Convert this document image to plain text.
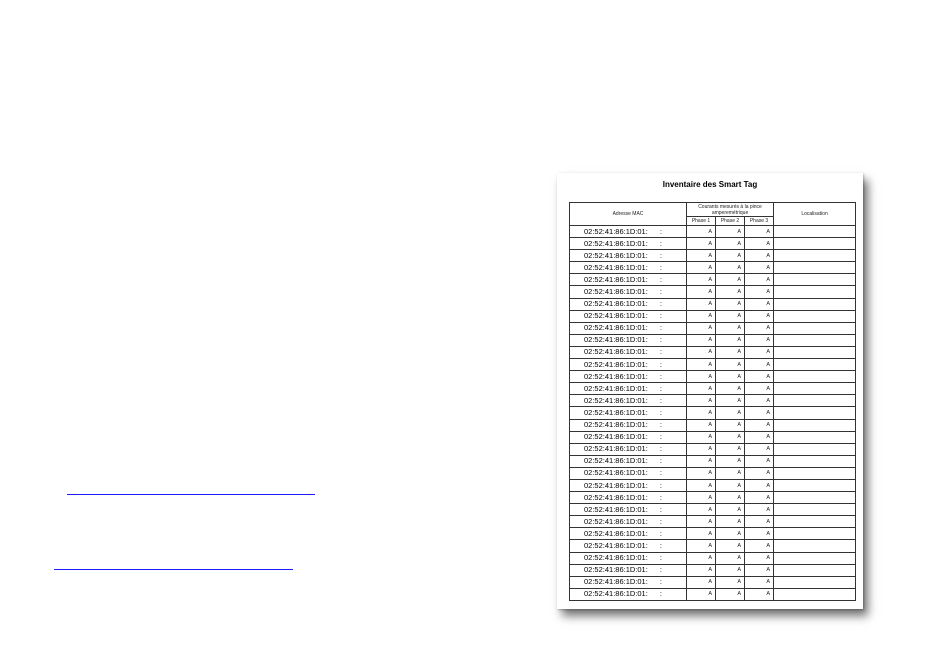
Inventaire des Smart Tag
Adresse MAC	Courants mesurés à la pince amperemétrique			Localisation
	Phase 1	Phase 2	Phase 3	
02:52:41:86:1D:01: :	A	A	A	
02:52:41:86:1D:01: :	A	A	A	
02:52:41:86:1D:01: :	A	A	A	
02:52:41:86:1D:01: :	A	A	A	
02:52:41:86:1D:01: :	A	A	A	
02:52:41:86:1D:01: :	A	A	A	
02:52:41:86:1D:01: :	A	A	A	
02:52:41:86:1D:01: :	A	A	A	
02:52:41:86:1D:01: :	A	A	A	
02:52:41:86:1D:01: :	A	A	A	
02:52:41:86:1D:01: :	A	A	A	
02:52:41:86:1D:01: :	A	A	A	
02:52:41:86:1D:01: :	A	A	A	
02:52:41:86:1D:01: :	A	A	A	
02:52:41:86:1D:01: :	A	A	A	
02:52:41:86:1D:01: :	A	A	A	
02:52:41:86:1D:01: :	A	A	A	
02:52:41:86:1D:01: :	A	A	A	
02:52:41:86:1D:01: :	A	A	A	
02:52:41:86:1D:01: :	A	A	A	
02:52:41:86:1D:01: :	A	A	A	
02:52:41:86:1D:01: :	A	A	A	
02:52:41:86:1D:01: :	A	A	A	
02:52:41:86:1D:01: :	A	A	A	
02:52:41:86:1D:01: :	A	A	A	
02:52:41:86:1D:01: :	A	A	A	
02:52:41:86:1D:01: :	A	A	A	
02:52:41:86:1D:01: :	A	A	A	
02:52:41:86:1D:01: :	A	A	A	
02:52:41:86:1D:01: :	A	A	A	
02:52:41:86:1D:01: :	A	A	A	
